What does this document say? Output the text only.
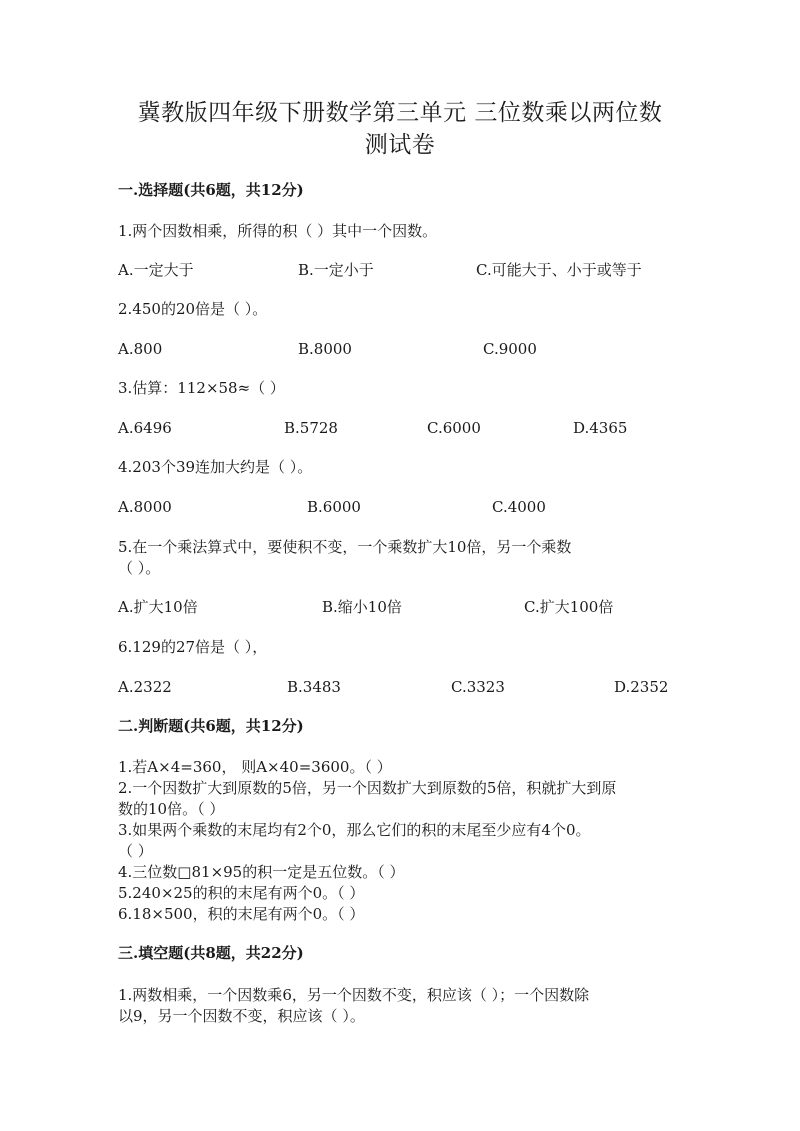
冀教版四年级下册数学第三单元 三位数乘以两位数
测试卷
一.选择题(共6题，共12分)
1.两个因数相乘，所得的积（ ）其中一个因数。
A.一定大于	B.一定小于	C.可能大于、小于或等于
2.450的20倍是（ ）。
A.800	B.8000	C.9000
3.估算：112×58≈（ ）
A.6496	B.5728	C.6000	D.4365
4.203个39连加大约是（ ）。
A.8000	B.6000	C.4000
5.在一个乘法算式中，要使积不变，一个乘数扩大10倍，另一个乘数
（ ）。
A.扩大10倍	B.缩小10倍	C.扩大100倍
6.129的27倍是（ ），
A.2322	B.3483	C.3323	D.2352
二.判断题(共6题，共12分)
1.若A×4=360， 则A×40=3600。（ ）
2.一个因数扩大到原数的5倍，另一个因数扩大到原数的5倍，积就扩大到原
数的10倍。（ ）
3.如果两个乘数的末尾均有2个0，那么它们的积的末尾至少应有4个0。
（ ）
4.三位数□81×95的积一定是五位数。（ ）
5.240×25的积的末尾有两个0。（ ）
6.18×500，积的末尾有两个0。（ ）
三.填空题(共8题，共22分)
1.两数相乘，一个因数乘6，另一个因数不变，积应该（ ）；一个因数除
以9，另一个因数不变，积应该（ ）。
